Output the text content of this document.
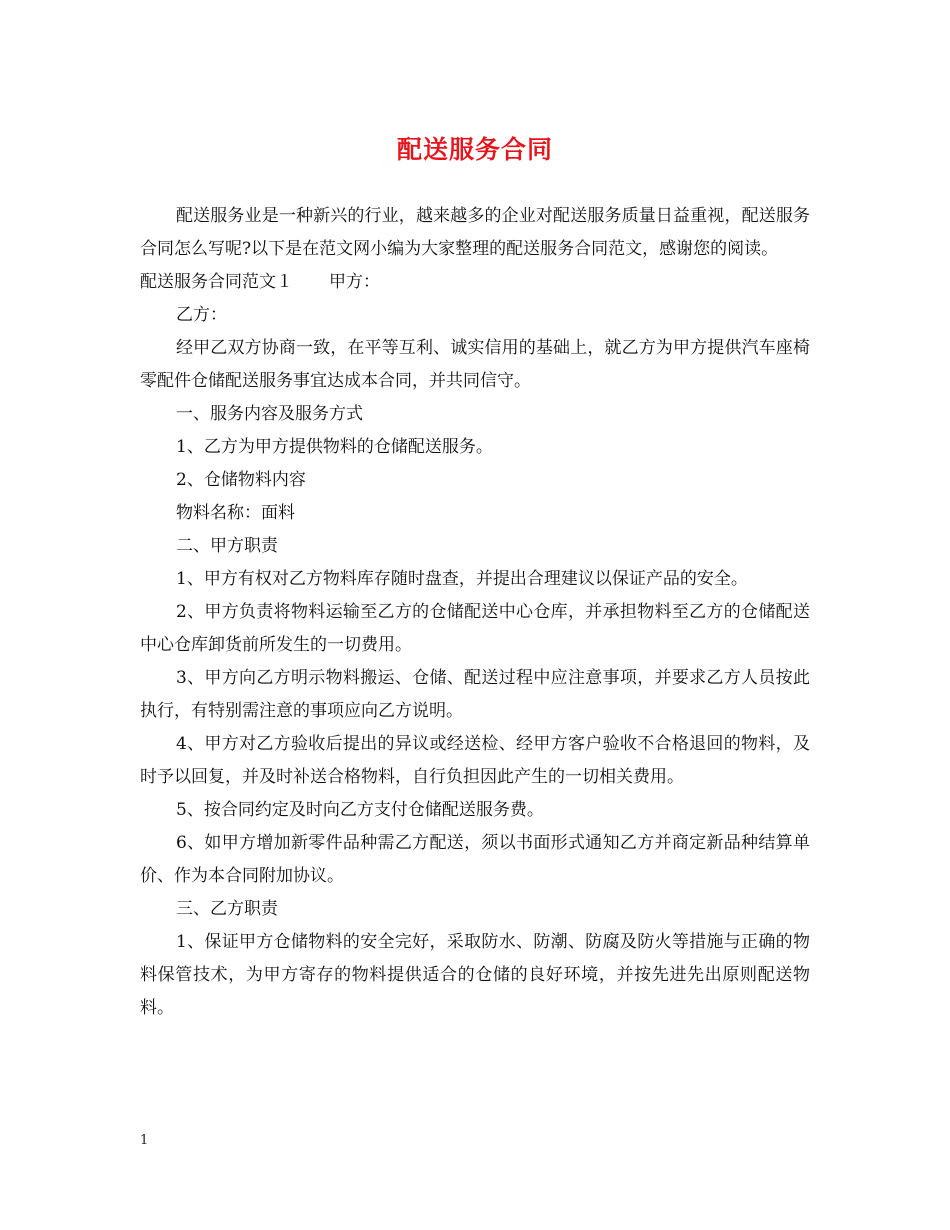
配送服务合同

配送服务业是一种新兴的行业，越来越多的企业对配送服务质量日益重视，配送服务合同怎么写呢?以下是在范文网小编为大家整理的配送服务合同范文，感谢您的阅读。

配送服务合同范文１ 甲方：

乙方：

经甲乙双方协商一致，在平等互利、诚实信用的基础上，就乙方为甲方提供汽车座椅零配件仓储配送服务事宜达成本合同，并共同信守。

一、服务内容及服务方式

1、乙方为甲方提供物料的仓储配送服务。

2、仓储物料内容

物料名称：面料

二、甲方职责

1、甲方有权对乙方物料库存随时盘查，并提出合理建议以保证产品的安全。

2、甲方负责将物料运输至乙方的仓储配送中心仓库，并承担物料至乙方的仓储配送中心仓库卸货前所发生的一切费用。

3、甲方向乙方明示物料搬运、仓储、配送过程中应注意事项，并要求乙方人员按此执行，有特别需注意的事项应向乙方说明。

4、甲方对乙方验收后提出的异议或经送检、经甲方客户验收不合格退回的物料，及时予以回复，并及时补送合格物料，自行负担因此产生的一切相关费用。

5、按合同约定及时向乙方支付仓储配送服务费。

6、如甲方增加新零件品种需乙方配送，须以书面形式通知乙方并商定新品种结算单价、作为本合同附加协议。

三、乙方职责

1、保证甲方仓储物料的安全完好，采取防水、防潮、防腐及防火等措施与正确的物料保管技术，为甲方寄存的物料提供适合的仓储的良好环境，并按先进先出原则配送物料。

1
